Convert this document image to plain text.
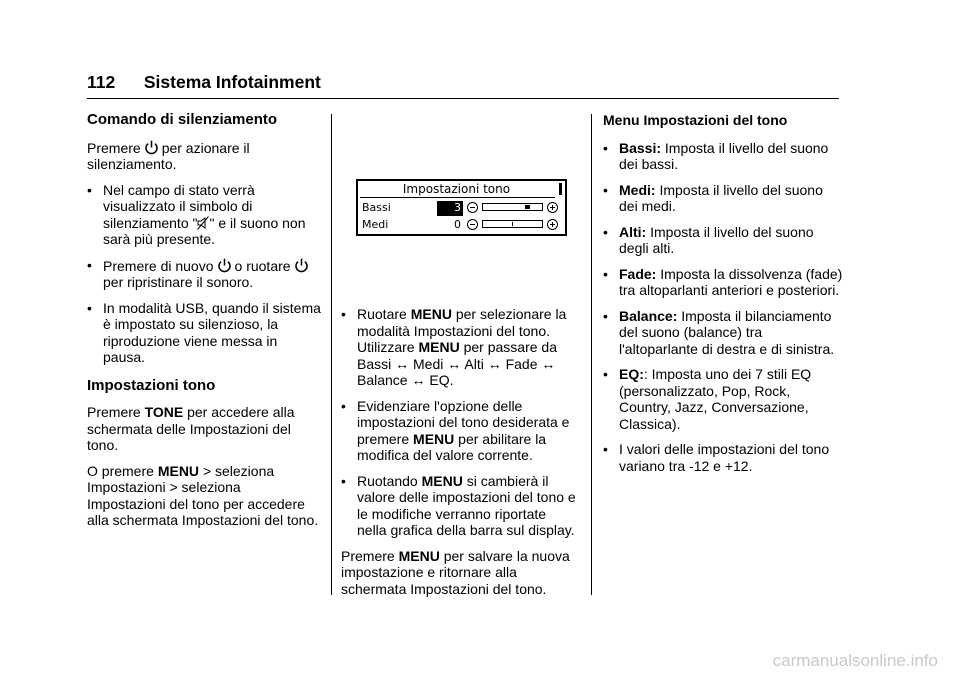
112 Sistema Infotainment
Comando di silenziamento

Premere per azionare il silenziamento.

• Nel campo di stato verrà visualizzato il simbolo di silenziamento " " e il suono non sarà più presente.
• Premere di nuovo o ruotareper ripristinare il sonoro.
• In modalità USB, quando il sistema è impostato su silenzioso, la riproduzione viene messa in pausa.
Impostazioni tono

Premere TONE per accedere alla schermata delle Impostazioni del tono.

O premere MENU > seleziona Impostazioni > seleziona Impostazioni del tono per accedere alla schermata Impostazioni del tono.

Impostazioni tono
Bassi	3
Medi	0
• Ruotare MENU per selezionare la modalità Impostazioni del tono. Utilizzare MENU per passare da Bassi ↔ Medi ↔ Alti ↔ Fade ↔ Balance ↔ EQ.
• Evidenziare l'opzione delle impostazioni del tono desiderata e premere MENU per abilitare la modifica del valore corrente.
• Ruotando MENU si cambierà il valore delle impostazioni del tono e le modifiche verranno riportate nella grafica della barra sul display.

Premere MENU per salvare la nuova impostazione e ritornare alla schermata Impostazioni del tono.

Menu Impostazioni del tono

• Bassi: Imposta il livello del suono dei bassi.
• Medi: Imposta il livello del suono dei medi.
• Alti: Imposta il livello del suono degli alti.
• Fade: Imposta la dissolvenza (fade) tra altoparlanti anteriori e posteriori.
• Balance: Imposta il bilanciamento del suono (balance) tra l'altoparlante di destra e di sinistra.
• EQ:: Imposta uno dei 7 stili EQ (personalizzato, Pop, Rock, Country, Jazz, Conversazione, Classica).
• I valori delle impostazioni del tono variano tra -12 e +12.
carmanualsonline.info
